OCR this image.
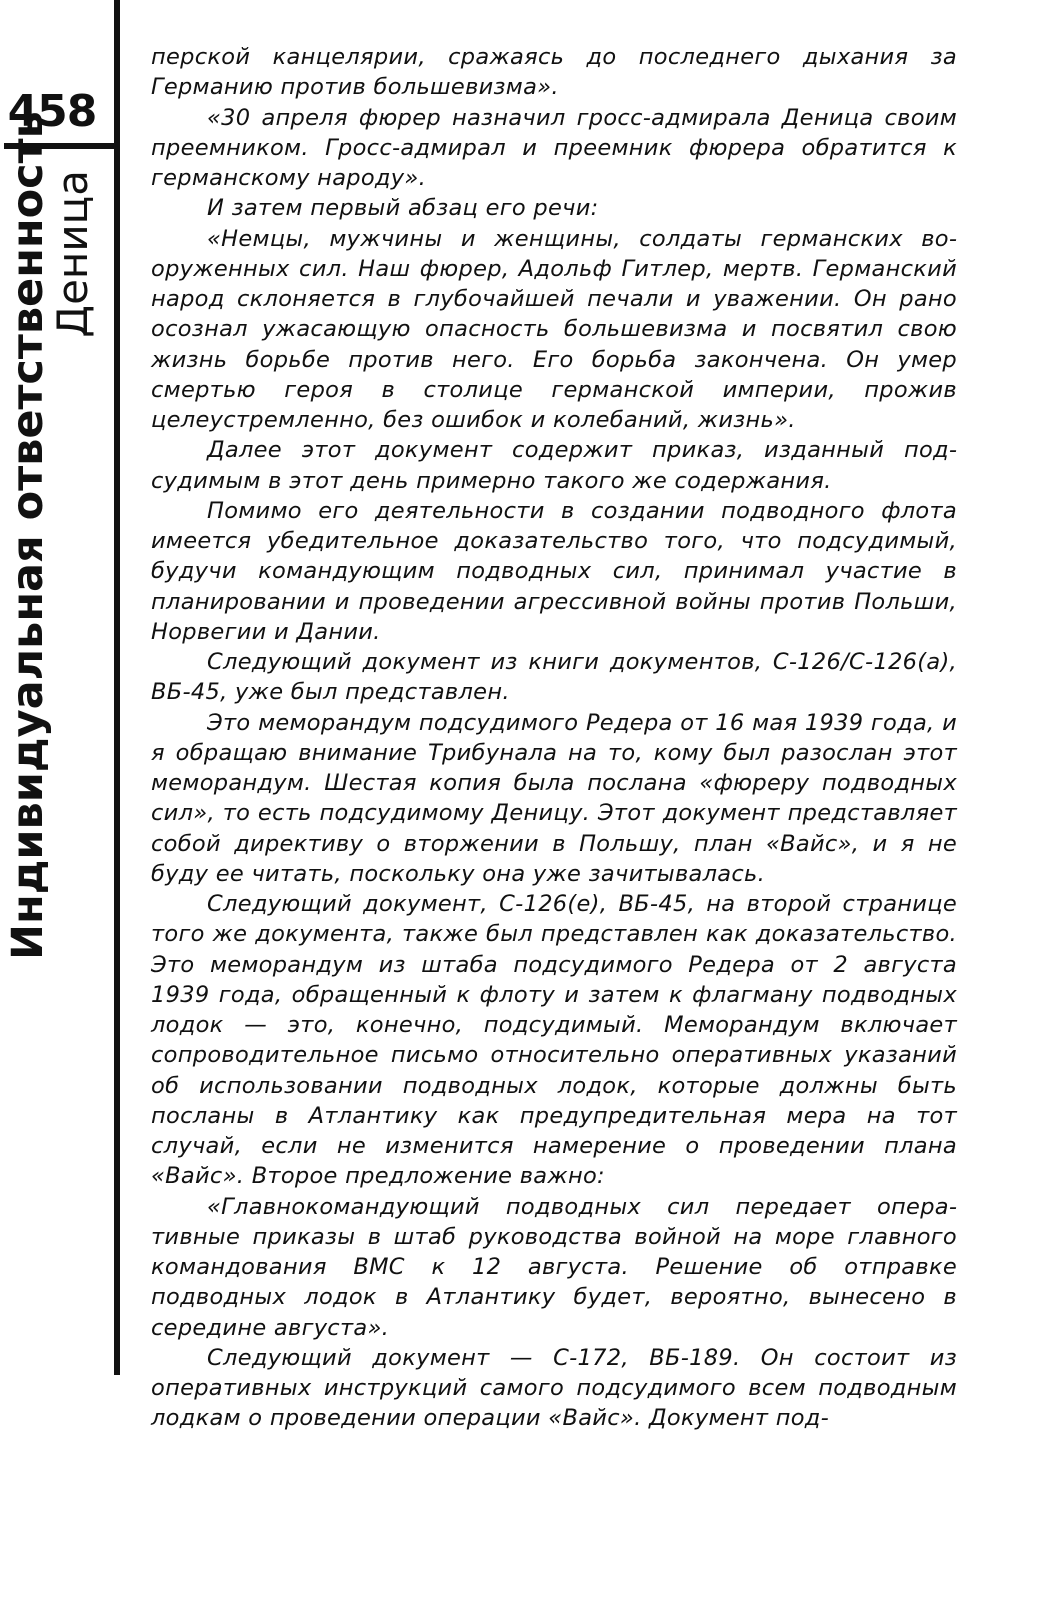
458
Индивидуальная ответственность
Деница

перской канцелярии, сражаясь до последнего дыхания за Германию против большевизма».

«30 апреля фюрер назначил гросс-адмирала Деница своим преемником. Гросс-адмирал и преемник фюрера обратится к германскому народу».

И затем первый абзац его речи:

«Немцы, мужчины и женщины, солдаты германских вооруженных сил. Наш фюрер, Адольф Гитлер, мертв. Германский народ склоняется в глубочайшей печали и уважении. Он рано осознал ужасающую опасность большевизма и посвятил свою жизнь борьбе против него. Его борьба закончена. Он умер смертью героя в столице германской империи, прожив целеустремленно, без ошибок и колебаний, жизнь».

Далее этот документ содержит приказ, изданный подсудимым в этот день примерно такого же содержания.

Помимо его деятельности в создании подводного флота имеется убедительное доказательство того, что подсудимый, будучи командующим подводных сил, принимал участие в планировании и проведении агрессивной войны против Польши, Норвегии и Дании.

Следующий документ из книги документов, С-126/С-126(а), ВБ-45, уже был представлен.

Это меморандум подсудимого Редера от 16 мая 1939 года, и я обращаю внимание Трибунала на то, кому был разослан этот меморандум. Шестая копия была послана «фюреру подводных сил», то есть подсудимому Деницу. Этот документ представляет собой директиву о вторжении в Польшу, план «Вайс», и я не буду ее читать, поскольку она уже зачитывалась.

Следующий документ, С-126(е), ВБ-45, на второй странице того же документа, также был представлен как доказательство. Это меморандум из штаба подсудимого Редера от 2 августа 1939 года, обращенный к флоту и затем к флагману подводных лодок — это, конечно, подсудимый. Меморандум включает сопроводительное письмо относительно оперативных указаний об использовании подводных лодок, которые должны быть посланы в Атлантику как предупредительная мера на тот случай, если не изменится намерение о проведении плана «Вайс». Второе предложение важно:

«Главнокомандующий подводных сил передает оперативные приказы в штаб руководства войной на море главного командования ВМС к 12 августа. Решение об отправке подводных лодок в Атлантику будет, вероятно, вынесено в середине августа».

Следующий документ — С-172, ВБ-189. Он состоит из оперативных инструкций самого подсудимого всем подводным лодкам о проведении операции «Вайс». Документ под-
